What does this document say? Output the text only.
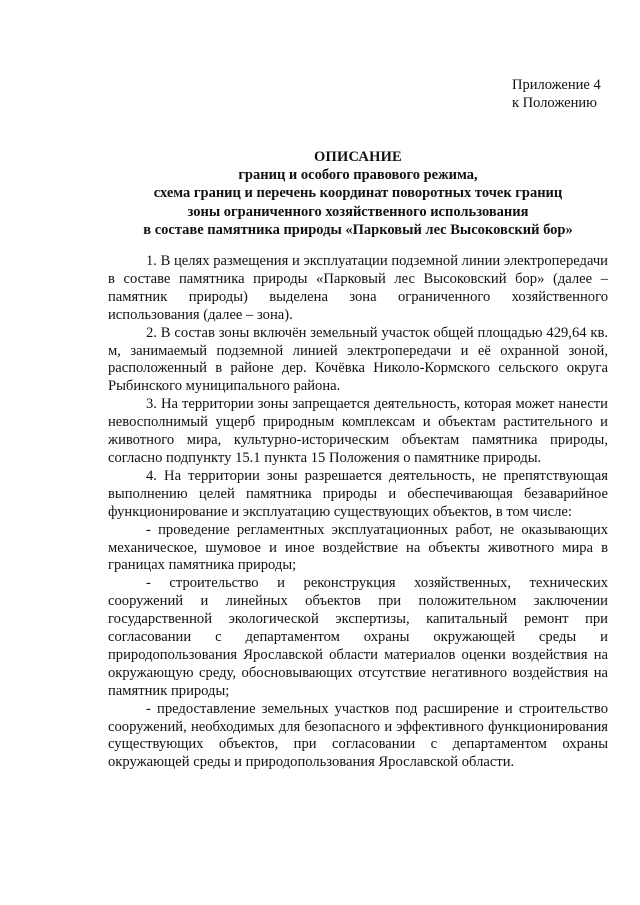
Приложение 4
к Положению
ОПИСАНИЕ
границ и особого правового режима,
схема границ и перечень координат поворотных точек границ
зоны ограниченного хозяйственного использования
в составе памятника природы «Парковый лес Высоковский бор»

1. В целях размещения и эксплуатации подземной линии электропередачи в составе памятника природы «Парковый лес Высоковский бор» (далее – памятник природы) выделена зона ограниченного хозяйственного использования (далее – зона).

2. В состав зоны включён земельный участок общей площадью 429,64 кв. м, занимаемый подземной линией электропередачи и её охранной зоной, расположенный в районе дер. Кочёвка Николо-Кормского сельского округа Рыбинского муниципального района.

3. На территории зоны запрещается деятельность, которая может нанести невосполнимый ущерб природным комплексам и объектам растительного и животного мира, культурно-историческим объектам памятника природы, согласно подпункту 15.1 пункта 15 Положения о памятнике природы.

4. На территории зоны разрешается деятельность, не препятствующая выполнению целей памятника природы и обеспечивающая безаварийное функционирование и эксплуатацию существующих объектов, в том числе:

- проведение регламентных эксплуатационных работ, не оказывающих механическое, шумовое и иное воздействие на объекты животного мира в границах памятника природы;

- строительство и реконструкция хозяйственных, технических сооружений и линейных объектов при положительном заключении государственной экологической экспертизы, капитальный ремонт при согласовании с департаментом охраны окружающей среды и природопользования Ярославской области материалов оценки воздействия на окружающую среду, обосновывающих отсутствие негативного воздействия на памятник природы;

- предоставление земельных участков под расширение и строительство сооружений, необходимых для безопасного и эффективного функционирования существующих объектов, при согласовании с департаментом охраны окружающей среды и природопользования Ярославской области.
